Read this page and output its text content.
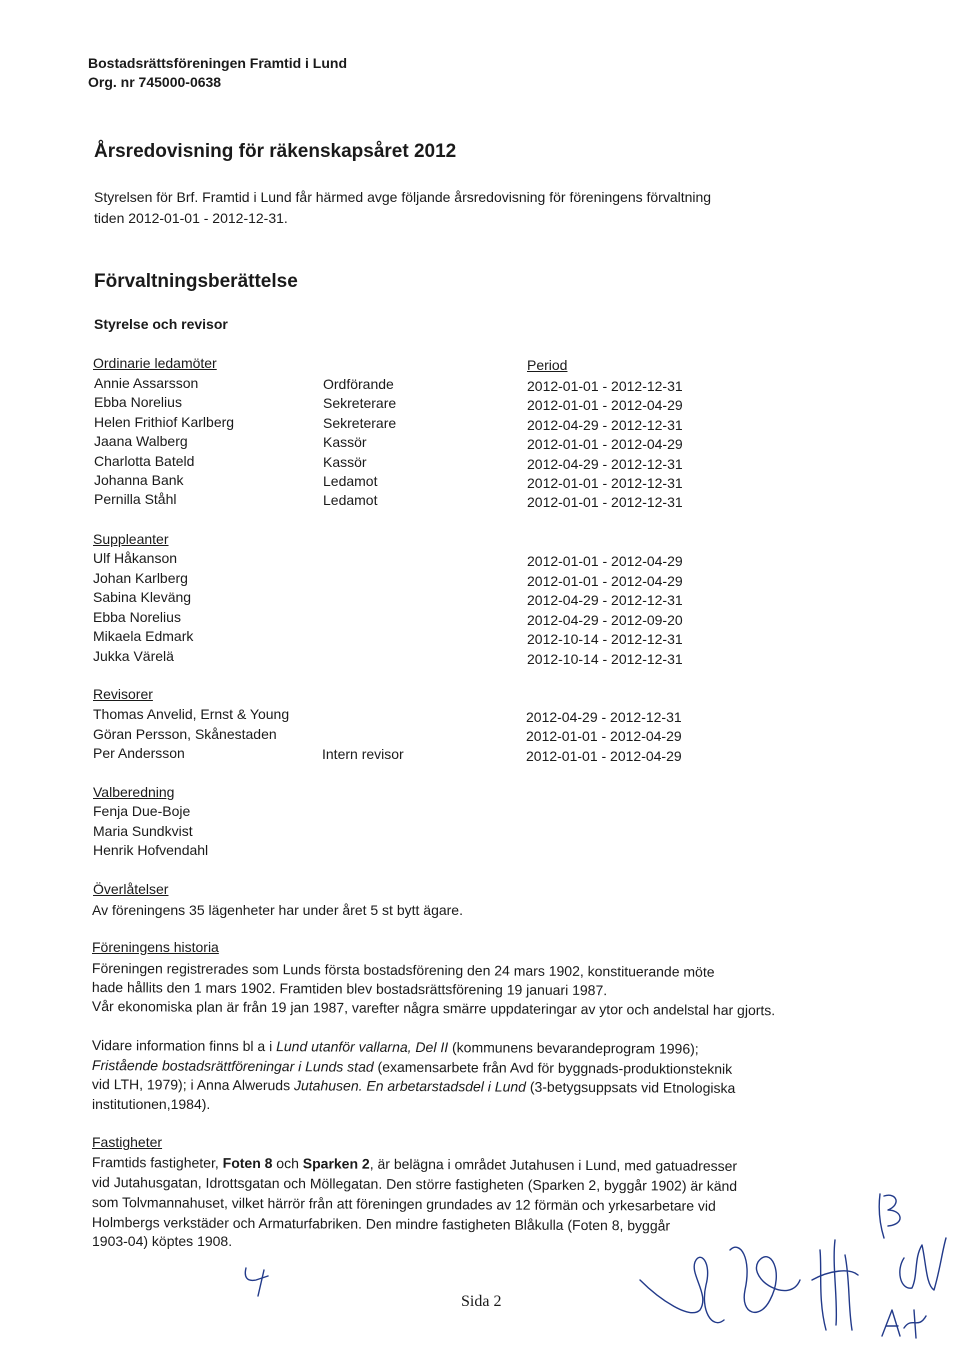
Bostadsrättsföreningen Framtid i Lund
Org. nr 745000-0638
Årsredovisning för räkenskapsåret 2012
Styrelsen för Brf. Framtid i Lund får härmed avge följande årsredovisning för föreningens förvaltning
tiden 2012-01-01 - 2012-12-31.
Förvaltningsberättelse
Styrelse och revisor
Ordinarie ledamöter	Period
Annie Assarsson	Ordförande	2012-01-01 - 2012-12-31
Ebba Norelius	Sekreterare	2012-01-01 - 2012-04-29
Helen Frithiof Karlberg	Sekreterare	2012-04-29 - 2012-12-31
Jaana Walberg	Kassör	2012-01-01 - 2012-04-29
Charlotta Bateld	Kassör	2012-04-29 - 2012-12-31
Johanna Bank	Ledamot	2012-01-01 - 2012-12-31
Pernilla Ståhl	Ledamot	2012-01-01 - 2012-12-31
Suppleanter
Ulf Håkanson	2012-01-01 - 2012-04-29
Johan Karlberg	2012-01-01 - 2012-04-29
Sabina Kleväng	2012-04-29 - 2012-12-31
Ebba Norelius	2012-04-29 - 2012-09-20
Mikaela Edmark	2012-10-14 - 2012-12-31
Jukka Värelä	2012-10-14 - 2012-12-31
Revisorer
Thomas Anvelid, Ernst & Young	2012-04-29 - 2012-12-31
Göran Persson, Skånestaden	2012-01-01 - 2012-04-29
Per Andersson	Intern revisor	2012-01-01 - 2012-04-29
Valberedning
Fenja Due-Boje
Maria Sundkvist
Henrik Hofvendahl
Överlåtelser
Av föreningens 35 lägenheter har under året 5 st bytt ägare.
Föreningens historia
Föreningen registrerades som Lunds första bostadsförening den 24 mars 1902, konstituerande möte
hade hållits den 1 mars 1902. Framtiden blev bostadsrättsförening 19 januari 1987.
Vår ekonomiska plan är från 19 jan 1987, varefter några smärre uppdateringar av ytor och andelstal har gjorts.
Vidare information finns bl a i Lund utanför vallarna, Del II (kommunens bevarandeprogram 1996);
Fristående bostadsrättföreningar i Lunds stad (examensarbete från Avd för byggnads-produktionsteknik
vid LTH, 1979); i Anna Alweruds Jutahusen. En arbetarstadsdel i Lund (3-betygsuppsats vid Etnologiska
institutionen,1984).
Fastigheter
Framtids fastigheter, Foten 8 och Sparken 2, är belägna i området Jutahusen i Lund, med gatuadresser
vid Jutahusgatan, Idrottsgatan och Möllegatan. Den större fastigheten (Sparken 2, byggår 1902) är känd
som Tolvmannahuset, vilket härrör från att föreningen grundades av 12 förmän och yrkesarbetare vid
Holmbergs verkstäder och Armaturfabriken. Den mindre fastigheten Blåkulla (Foten 8, byggår
1903-04) köptes 1908.
Sida 2
